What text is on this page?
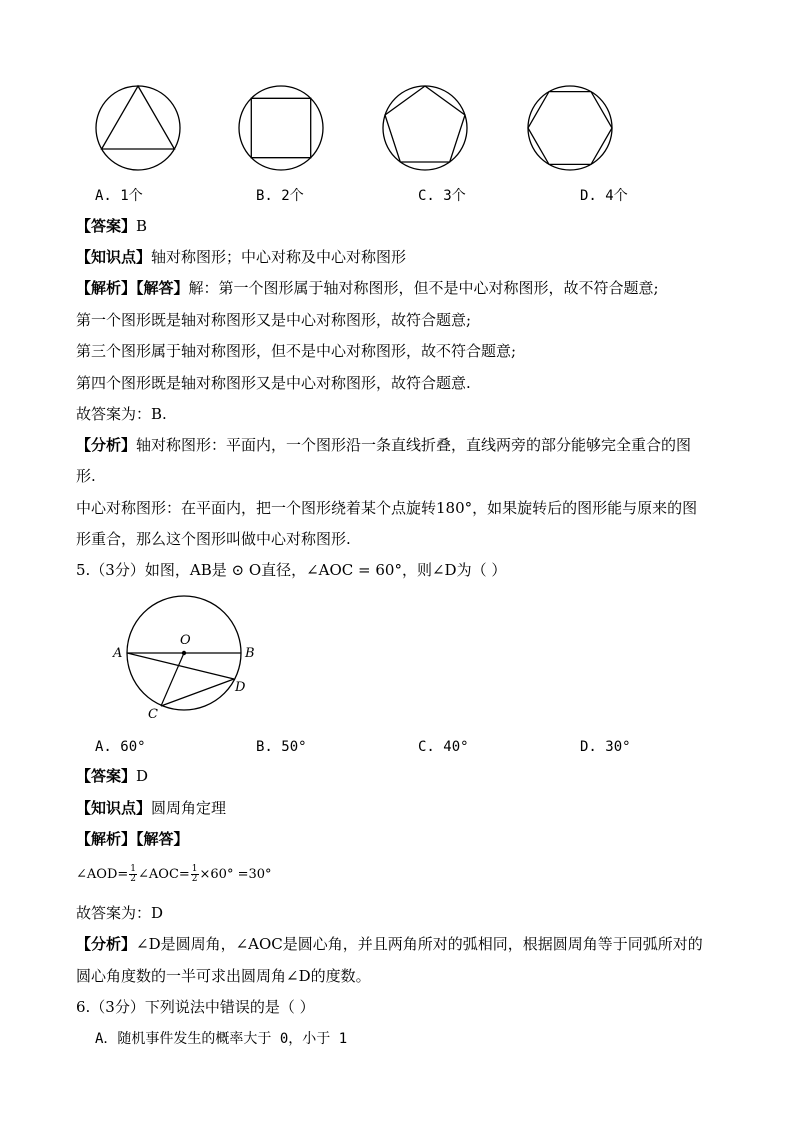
A. 1个	B. 2个	C. 3个	D. 4个
【答案】B
【知识点】轴对称图形；中心对称及中心对称图形
【解析】【解答】解：第一个图形属于轴对称图形，但不是中心对称图形，故不符合题意;
第一个图形既是轴对称图形又是中心对称图形，故符合题意;
第三个图形属于轴对称图形，但不是中心对称图形，故不符合题意;
第四个图形既是轴对称图形又是中心对称图形，故符合题意.
故答案为：B.
【分析】轴对称图形：平面内，一个图形沿一条直线折叠，直线两旁的部分能够完全重合的图
形.
中心对称图形：在平面内，把一个图形绕着某个点旋转180°，如果旋转后的图形能与原来的图
形重合，那么这个图形叫做中心对称图形.
5.（3分）如图，AB是 ⊙ O直径，∠AOC = 60°，则∠D为（ ）
A	B
O
C
D
A. 60°	B. 50°	C. 40°	D. 30°
【答案】D
【知识点】圆周角定理
【解析】【解答】
∠AOD= $\frac{1}{2}$ ∠AOC= $\frac{1}{2} \times 60^\circ =30^\circ$
故答案为：D
【分析】∠D是圆周角，∠AOC是圆心角，并且两角所对的弧相同，根据圆周角等于同弧所对的
圆心角度数的一半可求出圆周角∠D的度数。
6.（3分）下列说法中错误的是（ ）
A．随机事件发生的概率大于 0，小于 1
